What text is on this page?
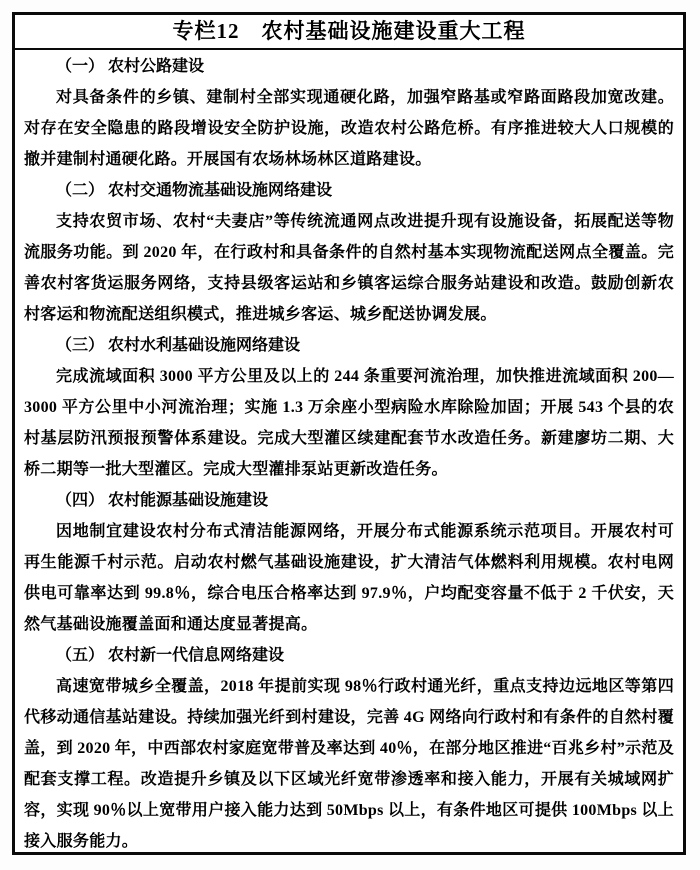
专栏12　农村基础设施建设重大工程
（一） 农村公路建设

对具备条件的乡镇、建制村全部实现通硬化路，加强窄路基或窄路面路段加宽改建。对存在安全隐患的路段增设安全防护设施，改造农村公路危桥。有序推进较大人口规模的撤并建制村通硬化路。开展国有农场林场林区道路建设。

（二） 农村交通物流基础设施网络建设

支持农贸市场、农村“夫妻店”等传统流通网点改进提升现有设施设备，拓展配送等物流服务功能。到 2020 年，在行政村和具备条件的自然村基本实现物流配送网点全覆盖。完善农村客货运服务网络，支持县级客运站和乡镇客运综合服务站建设和改造。鼓励创新农村客运和物流配送组织模式，推进城乡客运、城乡配送协调发展。

（三） 农村水利基础设施网络建设

完成流域面积 3000 平方公里及以上的 244 条重要河流治理，加快推进流域面积 200—3000 平方公里中小河流治理；实施 1.3 万余座小型病险水库除险加固；开展 543 个县的农村基层防汛预报预警体系建设。完成大型灌区续建配套节水改造任务。新建廖坊二期、大桥二期等一批大型灌区。完成大型灌排泵站更新改造任务。

（四） 农村能源基础设施建设

因地制宜建设农村分布式清洁能源网络，开展分布式能源系统示范项目。开展农村可再生能源千村示范。启动农村燃气基础设施建设，扩大清洁气体燃料利用规模。农村电网供电可靠率达到 99.8％，综合电压合格率达到 97.9％，户均配变容量不低于 2 千伏安，天然气基础设施覆盖面和通达度显著提高。

（五） 农村新一代信息网络建设

高速宽带城乡全覆盖，2018 年提前实现 98％行政村通光纤，重点支持边远地区等第四代移动通信基站建设。持续加强光纤到村建设，完善 4G 网络向行政村和有条件的自然村覆盖，到 2020 年，中西部农村家庭宽带普及率达到 40％，在部分地区推进“百兆乡村”示范及配套支撑工程。改造提升乡镇及以下区域光纤宽带渗透率和接入能力，开展有关城域网扩容，实现 90％以上宽带用户接入能力达到 50Mbps 以上，有条件地区可提供 100Mbps 以上接入服务能力。
